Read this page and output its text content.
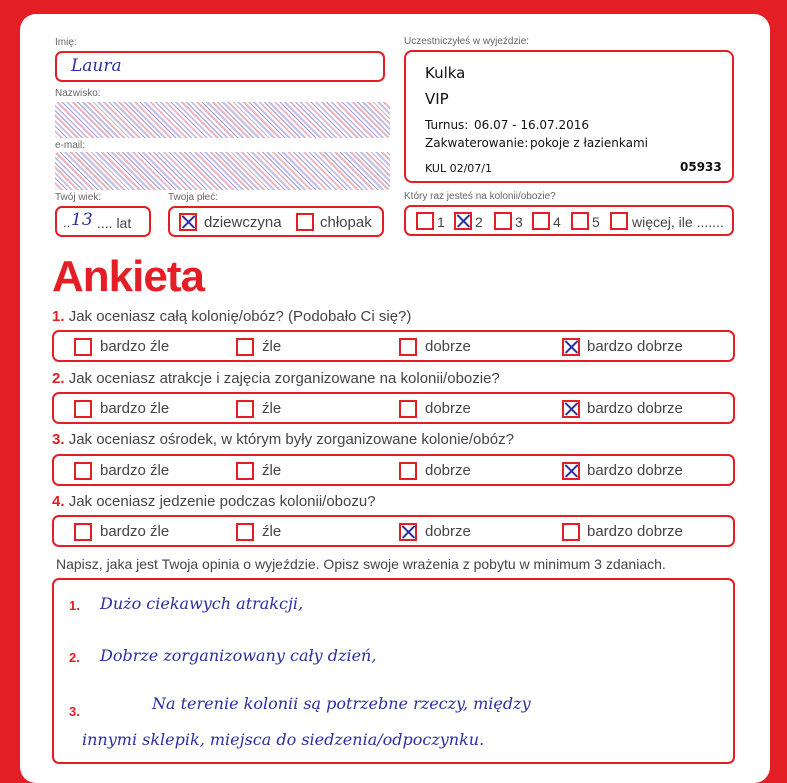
Imię:
Laura
Nazwisko:
e-mail:
Twój wiek:
.. 13 .... lat
Twoja płeć:
dziewczyna	chłopak
Uczestniczyłeś w wyjeździe:
Kulka
VIP
Turnus: 06.07 - 16.07.2016
Zakwaterowanie: pokoje z łazienkami
KUL 02/07/1	05933
Który raz jesteś na kolonii/obozie?
1 2 3 4 5 więcej, ile .......
Ankieta
1. Jak oceniasz całą kolonię/obóz? (Podobało Ci się?)
bardzo źle	źle	dobrze	bardzo dobrze
2. Jak oceniasz atrakcje i zajęcia zorganizowane na kolonii/obozie?
bardzo źle	źle	dobrze	bardzo dobrze
3. Jak oceniasz ośrodek, w którym były zorganizowane kolonie/obóz?
bardzo źle	źle	dobrze	bardzo dobrze
4. Jak oceniasz jedzenie podczas kolonii/obozu?
bardzo źle	źle	dobrze	bardzo dobrze
Napisz, jaka jest Twoja opinia o wyjeździe. Opisz swoje wrażenia z pobytu w minimum 3 zdaniach.
1. Dużo ciekawych atrakcji,
2. Dobrze zorganizowany cały dzień,
3.	Na terenie kolonii są potrzebne rzeczy, między
innymi sklepik, miejsca do siedzenia/odpoczynku.
